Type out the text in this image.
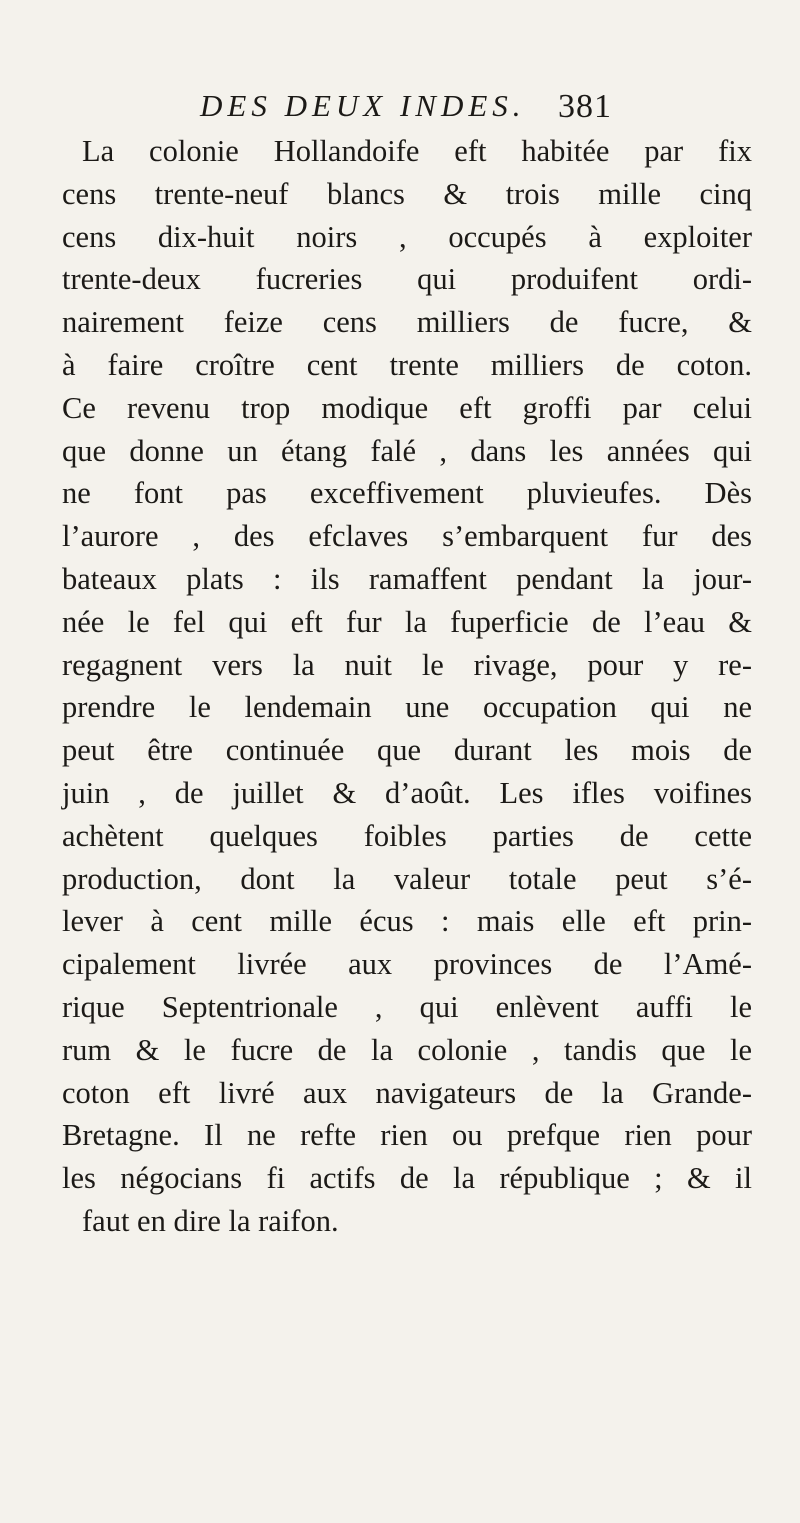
DES DEUX INDES. 381
La colonie Hollandoife eft habitée par fix
cens trente-neuf blancs & trois mille cinq
cens dix-huit noirs , occupés à exploiter
trente-deux fucreries qui produifent ordi-
nairement feize cens milliers de fucre, &
à faire croître cent trente milliers de coton.
Ce revenu trop modique eft groffi par celui
que donne un étang falé , dans les années qui
ne font pas exceffivement pluvieufes. Dès
l’aurore , des efclaves s’embarquent fur des
bateaux plats : ils ramaffent pendant la jour-
née le fel qui eft fur la fuperficie de l’eau &
regagnent vers la nuit le rivage, pour y re-
prendre le lendemain une occupation qui ne
peut être continuée que durant les mois de
juin , de juillet & d’août. Les ifles voifines
achètent quelques foibles parties de cette
production, dont la valeur totale peut s’é-
lever à cent mille écus : mais elle eft prin-
cipalement livrée aux provinces de l’Amé-
rique Septentrionale , qui enlèvent auffi le
rum & le fucre de la colonie , tandis que le
coton eft livré aux navigateurs de la Grande-
Bretagne. Il ne refte rien ou prefque rien pour
les négocians fi actifs de la république ; & il
faut en dire la raifon.
